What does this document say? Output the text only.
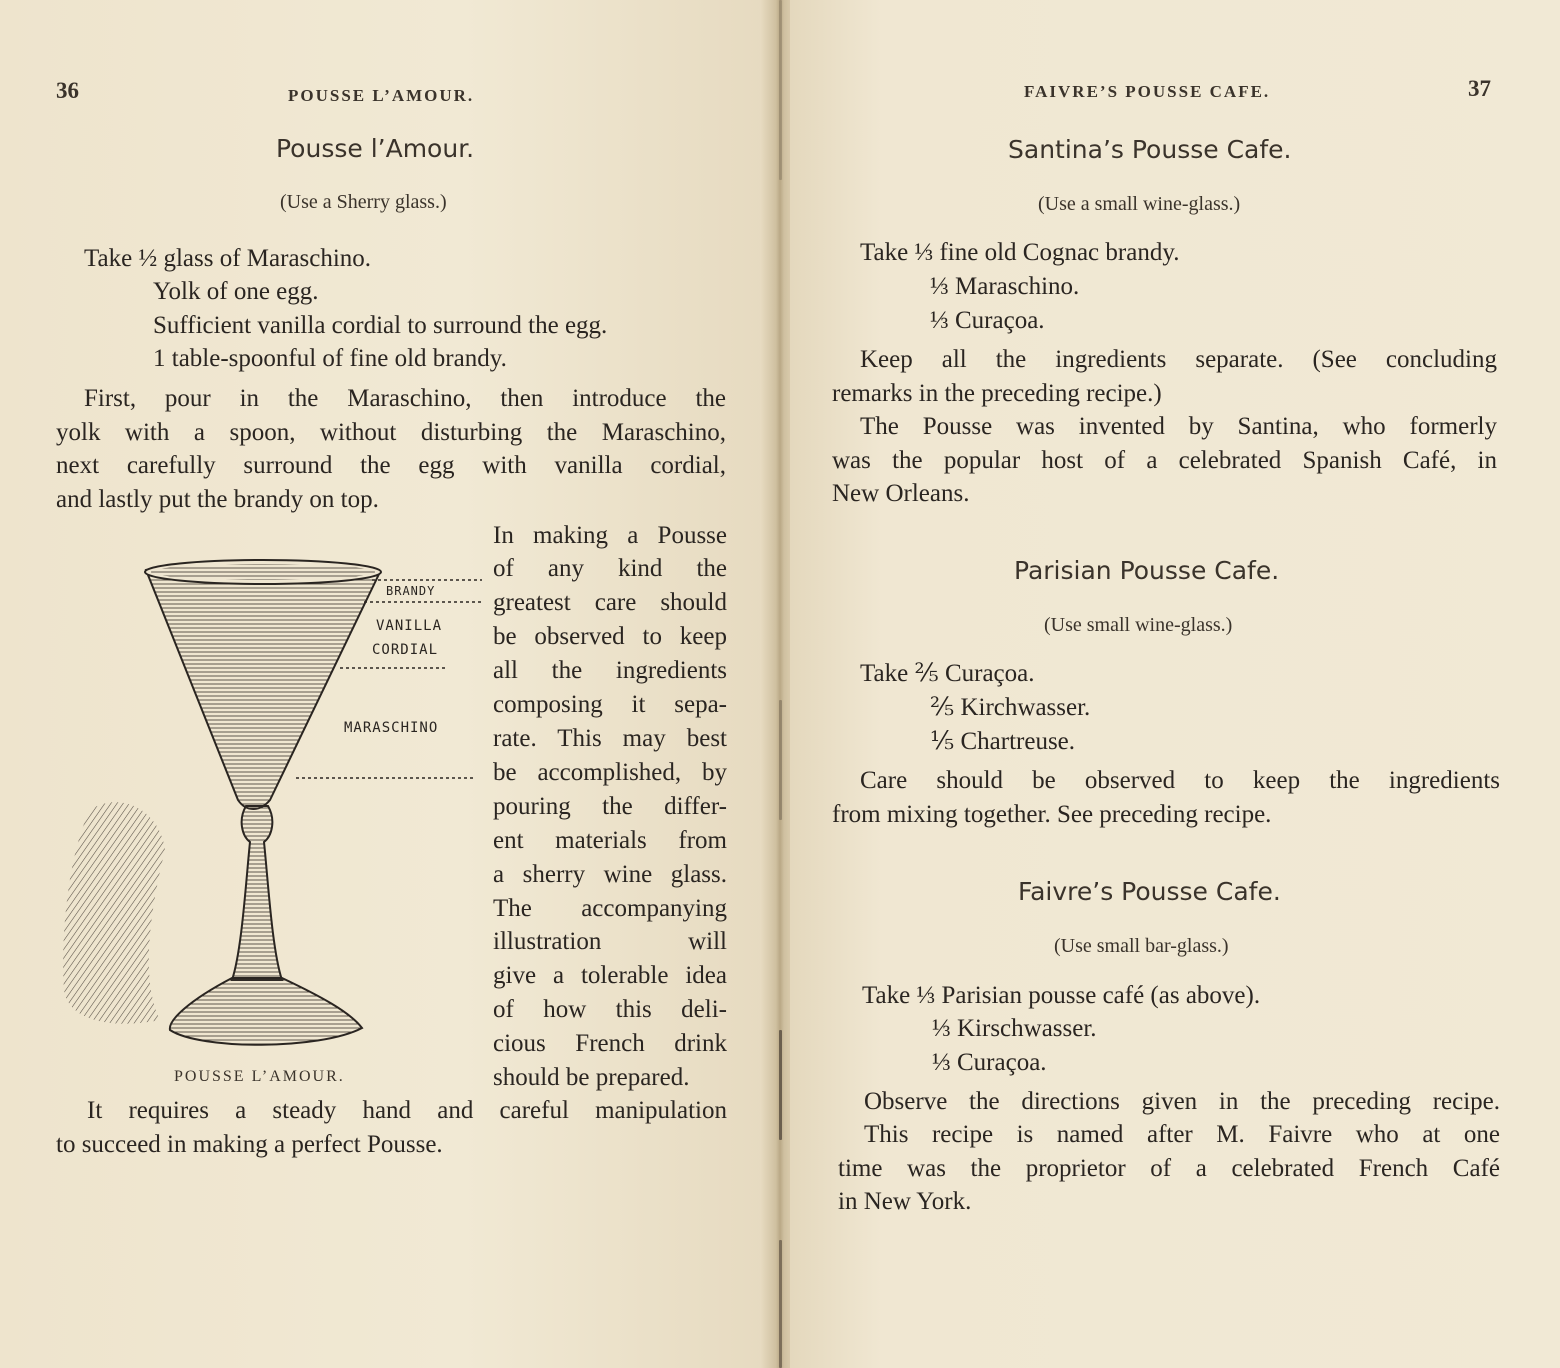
36	POUSSE L’AMOUR.
Pousse l’Amour.
(Use a Sherry glass.)
Take ½ glass of Maraschino.
Yolk of one egg.
Sufficient vanilla cordial to surround the egg.
1 table-spoonful of fine old brandy.
First, pour in the Maraschino, then introduce the
yolk with a spoon, without disturbing the Maraschino,
next carefully surround the egg with vanilla cordial,
and lastly put the brandy on top.
In making a Pousse
of any kind the
greatest care should
be observed to keep
all the ingredients
composing it sepa-
rate. This may best
be accomplished, by
pouring the differ-
ent materials from
a sherry wine glass.
The accompanying
illustration will
give a tolerable idea
of how this deli-
cious French drink
should be prepared.
BRANDY
VANILLA
CORDIAL
MARASCHINO
POUSSE L’AMOUR.
It requires a steady hand and careful manipulation
to succeed in making a perfect Pousse.
FAIVRE’S POUSSE CAFE.	37
Santina’s Pousse Cafe.
(Use a small wine-glass.)
Take ⅓ fine old Cognac brandy.
⅓ Maraschino.
⅓ Curaçoa.
Keep all the ingredients separate. (See concluding
remarks in the preceding recipe.)
The Pousse was invented by Santina, who formerly
was the popular host of a celebrated Spanish Café, in
New Orleans.
Parisian Pousse Cafe.
(Use small wine-glass.)
Take ⅖ Curaçoa.
⅖ Kirchwasser.
⅕ Chartreuse.
Care should be observed to keep the ingredients
from mixing together. See preceding recipe.
Faivre’s Pousse Cafe.
(Use small bar-glass.)
Take ⅓ Parisian pousse café (as above).
⅓ Kirschwasser.
⅓ Curaçoa.
Observe the directions given in the preceding recipe.
This recipe is named after M. Faivre who at one
time was the proprietor of a celebrated French Café
in New York.
